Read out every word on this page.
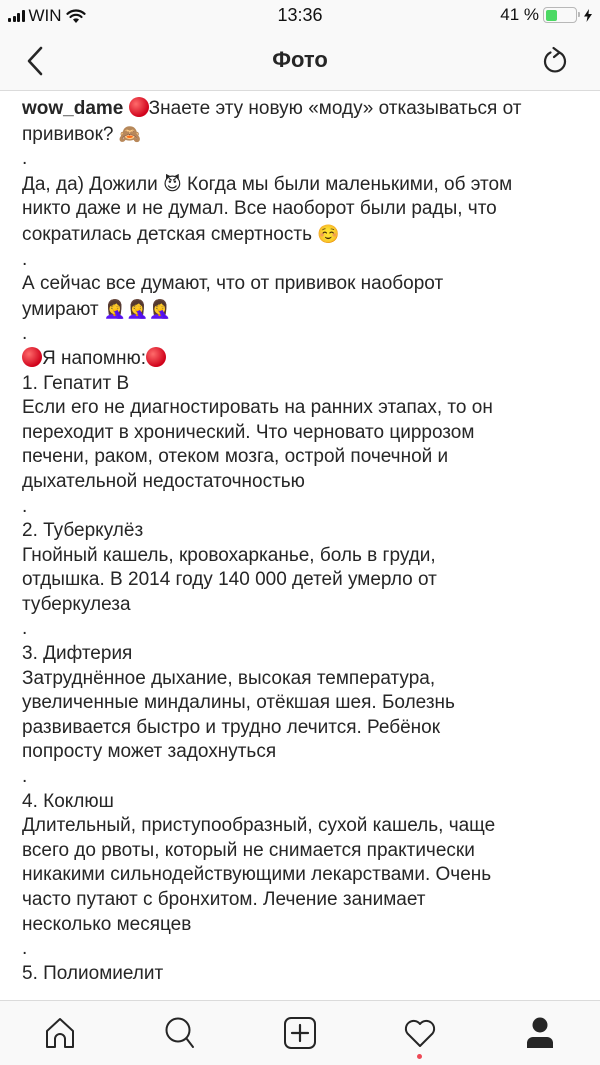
WIN	13:36	41 %
Фото
wow_dame Знаете эту новую «моду» отказываться от
прививок? 🙈
.
Да, да) Дожили 😈 Когда мы были маленькими, об этом
никто даже и не думал. Все наоборот были рады, что
сократилась детская смертность ☺️
.
А сейчас все думают, что от прививок наоборот
умирают 🤦‍♀️🤦‍♀️🤦‍♀️
.
Я напомню:
1. Гепатит В
Если его не диагностировать на ранних этапах, то он
переходит в хронический. Что черновато циррозом
печени, раком, отеком мозга, острой почечной и
дыхательной недостаточностью
.
2. Туберкулёз
Гнойный кашель, кровохарканье, боль в груди,
отдышка. В 2014 году 140 000 детей умерло от
туберкулеза
.
3. Дифтерия
Затруднённое дыхание, высокая температура,
увеличенные миндалины, отёкшая шея. Болезнь
развивается быстро и трудно лечится. Ребёнок
попросту может задохнуться
.
4. Коклюш
Длительный, приступообразный, сухой кашель, чаще
всего до рвоты, который не снимается практически
никакими сильнодействующими лекарствами. Очень
часто путают с бронхитом. Лечение занимает
несколько месяцев
.
5. Полиомиелит
